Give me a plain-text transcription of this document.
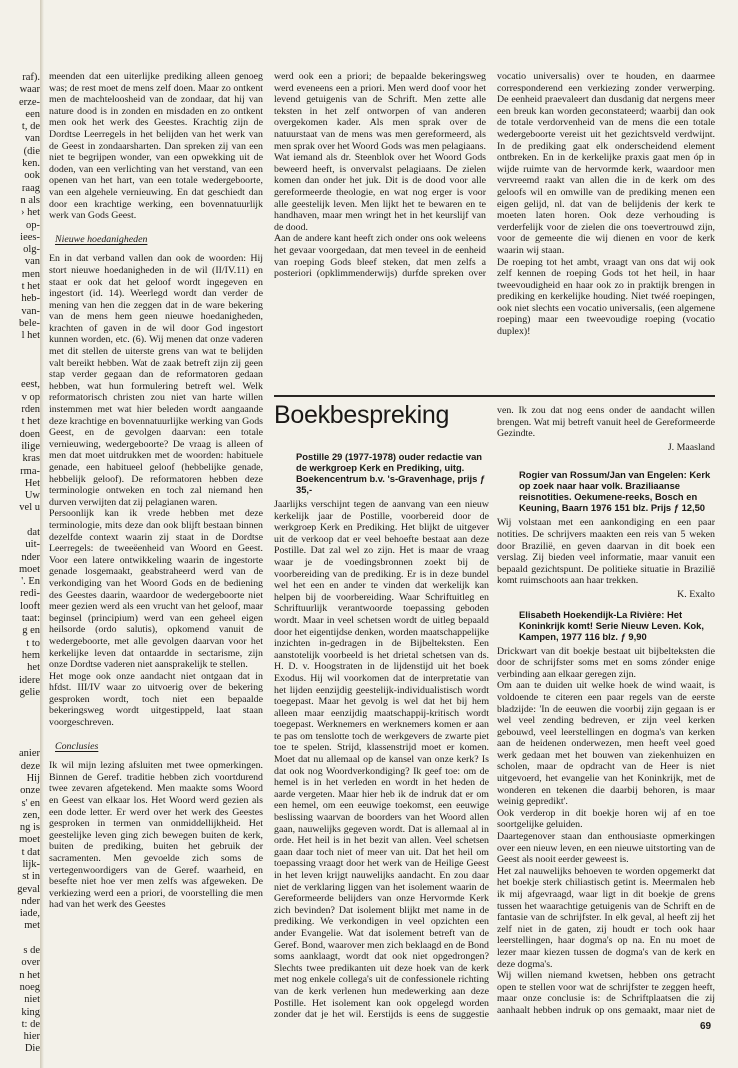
raf).
waar
erze-
een
t, de
van
(die
ken.
ook
raag
n als
› het
op-
iees-
olg-
van
men
t het
heb-
van-
bele-
l het

eest,
v op
rden
t het
doen
ilige
kras
rma-
Het
Uw
vel u

dat
uit-
nder
moet
'. En
redi-
looft
taat:
g en
t to
hem
het
idere
gelie

anier
deze
Hij
onze
s' en
zen,
ng is
moet
t dat
lijk-
st in
geval
nder
iade,
met

s de
over
n het
noeg
niet
king
t: de
hier
Die

meenden dat een uiterlijke prediking alleen genoeg was; de rest moet de mens zelf doen. Maar zo ontkent men de machteloosheid van de zondaar, dat hij van nature dood is in zonden en misdaden en zo ontkent men ook het werk des Geestes. Krachtig zijn de Dordtse Leerregels in het belijden van het werk van de Geest in zondaarsharten. Dan spreken zij van een niet te begrijpen wonder, van een opwekking uit de doden, van een verlichting van het verstand, van een openen van het hart, van een totale wedergeboorte, van een algehele vernieuwing. En dat geschiedt dan door een krachtige werking, een bovennatuurlijk werk van Gods Geest.

Nieuwe hoedanigheden

En in dat verband vallen dan ook de woorden: Hij stort nieuwe hoedanigheden in de wil (II/IV.11) en staat er ook dat het geloof wordt ingegeven en ingestort (id. 14). Weerlegd wordt dan verder de mening van hen die zeggen dat in de ware bekering van de mens hem geen nieuwe hoedanigheden, krachten of gaven in de wil door God ingestort kunnen worden, etc. (6). Wij menen dat onze vaderen met dit stellen de uiterste grens van wat te belijden valt bereikt hebben. Wat de zaak betreft zijn zij geen stap verder gegaan dan de reformatoren gedaan hebben, wat hun formulering betreft wel. Welk reformatorisch christen zou niet van harte willen instemmen met wat hier beleden wordt aangaande deze krachtige en bovennatuurlijke werking van Gods Geest, en de gevolgen daarvan: een totale vernieuwing, wedergeboorte? De vraag is alleen of men dat moet uitdrukken met de woorden: habituele genade, een habitueel geloof (hebbelijke genade, hebbelijk geloof). De reformatoren hebben deze terminologie ontweken en toch zal niemand hen durven verwijten dat zij pelagianen waren.

Persoonlijk kan ik vrede hebben met deze terminologie, mits deze dan ook blijft bestaan binnen dezelfde context waarin zij staat in de Dordtse Leerregels: de tweeëenheid van Woord en Geest. Voor een latere ontwikkeling waarin de ingestorte genade losgemaakt, geabstraheerd werd van de verkondiging van het Woord Gods en de bediening des Geestes daarin, waardoor de wedergeboorte niet meer gezien werd als een vrucht van het geloof, maar beginsel (principium) werd van een geheel eigen heilsorde (ordo salutis), opkomend vanuit de wedergeboorte, met alle gevolgen daarvan voor het kerkelijke leven dat ontaardde in sectarisme, zijn onze Dordtse vaderen niet aansprakelijk te stellen.

Het moge ook onze aandacht niet ontgaan dat in hfdst. III/IV waar zo uitvoerig over de bekering gesproken wordt, toch niet een bepaalde bekeringsweg wordt uitgestippeld, laat staan voorgeschreven.

Conclusies

Ik wil mijn lezing afsluiten met twee opmerkingen. Binnen de Geref. traditie hebben zich voortdurend twee zevaren afgetekend. Men maakte soms Woord en Geest van elkaar los. Het Woord werd gezien als een dode letter. Er werd over het werk des Geestes gesproken in termen van onmiddellijkheid. Het geestelijke leven ging zich bewegen buiten de kerk, buiten de prediking, buiten het gebruik der sacramenten. Men gevoelde zich soms de vertegenwoordigers van de Geref. waarheid, en besefte niet hoe ver men zelfs was afgeweken. De verkiezing werd een a priori, de voorstelling die men had van het werk des Geestes

werd ook een a priori; de bepaalde bekeringsweg werd eveneens een a priori. Men werd doof voor het levend getuigenis van de Schrift. Men zette alle teksten in het zelf ontworpen of van anderen overgekomen kader. Als men sprak over de natuurstaat van de mens was men gereformeerd, als men sprak over het Woord Gods was men pelagiaans. Wat iemand als dr. Steenblok over het Woord Gods beweerd heeft, is onvervalst pelagiaans. De zielen komen dan onder het juk. Dit is de dood voor alle gereformeerde theologie, en wat nog erger is voor alle geestelijk leven. Men lijkt het te bewaren en te handhaven, maar men wringt het in het keurslijf van de dood.

Aan de andere kant heeft zich onder ons ook weleens het gevaar voorgedaan, dat men teveel in de eenheid van roeping Gods bleef steken, dat men zelfs a posteriori (opklimmenderwijs) durfde spreken over

vocatio universalis) over te houden, en daarmee corresponderend een verkiezing zonder verwerping. De eenheid praevaleert dan dusdanig dat nergens meer een breuk kan worden geconstateerd; waarbij dan ook de totale verdorvenheid van de mens die een totale wedergeboorte vereist uit het gezichtsveld verdwijnt. In de prediking gaat elk onderscheidend element ontbreken. En in de kerkelijke praxis gaat men óp in wijde ruimte van de hervormde kerk, waardoor men vervreemd raakt van allen die in de kerk om des geloofs wil en omwille van de prediking menen een eigen gelijd, nl. dat van de belijdenis der kerk te moeten laten horen. Ook deze verhouding is verderfelijk voor de zielen die ons toevertrouwd zijn, voor de gemeente die wij dienen en voor de kerk waarin wij staan.

De roeping tot het ambt, vraagt van ons dat wij ook zelf kennen de roeping Gods tot het heil, in haar tweevoudigheid en haar ook zo in praktijk brengen in prediking en kerkelijke houding. Niet twéé roepingen, ook niet slechts een vocatio universalis, (een algemene roeping) maar een tweevoudige roeping (vocatio duplex)!

Boekbespreking

Postille 29 (1977-1978) ouder redactie van de werkgroep Kerk en Prediking, uitg. Boekencentrum b.v. 's-Gravenhage, prijs ƒ 35,-

Jaarlijks verschijnt tegen de aanvang van een nieuw kerkelijk jaar de Postille, voorbereid door de werkgroep Kerk en Prediking. Het blijkt de uitgever uit de verkoop dat er veel behoefte bestaat aan deze Postille. Dat zal wel zo zijn. Het is maar de vraag waar je de voedingsbronnen zoekt bij de voorbereiding van de prediking. Er is in deze bundel wel het een en ander te vinden dat werkelijk kan helpen bij de voorbereiding. Waar Schriftuitleg en Schriftuurlijk verantwoorde toepassing geboden wordt. Maar in veel schetsen wordt de uitleg bepaald door het eigentijdse denken, worden maatschappelijke inzichten in-gedragen in de Bijbelteksten. Een aanstotelijk voorbeeld is het drietal schetsen van ds. H. D. v. Hoogstraten in de lijdenstijd uit het boek Exodus. Hij wil voorkomen dat de interpretatie van het lijden eenzijdig geestelijk-individualistisch wordt toegepast. Maar het gevolg is wel dat het bij hem alleen maar eenzijdig maatschappij-kritisch wordt toegepast. Werknemers en werknemers komen er aan te pas om tenslotte toch de werkgevers de zwarte piet toe te spelen. Strijd, klassenstrijd moet er komen. Moet dat nu allemaal op de kansel van onze kerk? Is dat ook nog Woordverkondiging? Ik geef toe: om de hemel is in het verleden en wordt in het heden de aarde vergeten. Maar hier heb ik de indruk dat er om een hemel, om een eeuwige toekomst, een eeuwige beslissing waarvan de boorders van het Woord allen gaan, nauwelijks gegeven wordt. Dat is allemaal al in orde. Het heil is in het bezit van allen. Veel schetsen gaan daar toch niet of meer van uit. Dat het heil om toepassing vraagt door het werk van de Heilige Geest in het leven krijgt nauwelijks aandacht. En zou daar niet de verklaring liggen van het isolement waarin de Gereformeerde belijders van onze Hervormde Kerk zich bevinden? Dat isolement blijkt met name in de prediking. We verkondigen in veel opzichten een ander Evangelie. Wat dat isolement betreft van de Geref. Bond, waarover men zich beklaagd en de Bond soms aanklaagt, wordt dat ook niet opgedrongen? Slechts twee predikanten uit deze hoek van de kerk met nog enkele collega's uit de confessionele richting van de kerk verlenen hun medewerking aan deze Postille. Het isolement kan ook opgelegd worden zonder dat je het wil. Eerstijds is eens de suggestie

ven. Ik zou dat nog eens onder de aandacht willen brengen. Wat mij betreft vanuit heel de Gereformeerde Gezindte.

J. Maasland

Rogier van Rossum/Jan van Engelen: Kerk op zoek naar haar volk. Braziliaanse reisnotities. Oekumene-reeks, Bosch en Keuning, Baarn 1976 151 blz. Prijs ƒ 12,50

Wij volstaan met een aankondiging en een paar notities. De schrijvers maakten een reis van 5 weken door Brazilië, en geven daarvan in dit boek een verslag. Zij bieden veel informatie, maar vanuit een bepaald gezichtspunt. De politieke situatie in Brazilië komt ruimschoots aan haar trekken.

K. Exalto

Elisabeth Hoekendijk-La Rivière: Het Koninkrijk komt! Serie Nieuw Leven. Kok, Kampen, 1977 116 blz. ƒ 9,90

Drickwart van dit boekje bestaat uit bijbelteksten die door de schrijfster soms met en soms zónder enige verbinding aan elkaar geregen zijn.

Om aan te duiden uit welke hoek de wind waait, is voldoende te citeren een paar regels van de eerste bladzijde: 'In de eeuwen die voorbij zijn gegaan is er wel veel zending bedreven, er zijn veel kerken gebouwd, veel leerstellingen en dogma's van kerken aan de heidenen onderwezen, men heeft veel goed werk gedaan met het bouwen van ziekenhuizen en scholen, maar de opdracht van de Heer is niet uitgevoerd, het evangelie van het Koninkrijk, met de wonderen en tekenen die daarbij behoren, is maar weinig gepredikt'.

Ook verderop in dit boekje horen wij af en toe soortgelijke geluiden.

Daartegenover staan dan enthousiaste opmerkingen over een nieuw leven, en een nieuwe uitstorting van de Geest als nooit eerder geweest is.

Het zal nauwelijks behoeven te worden opgemerkt dat het boekje sterk chiliastisch getint is. Meermalen heb ik mij afgevraagd, waar ligt in dit boekje de grens tussen het waarachtige getuigenis van de Schrift en de fantasie van de schrijfster. In elk geval, al heeft zij het zelf niet in de gaten, zij houdt er toch ook haar leerstellingen, haar dogma's op na. En nu moet de lezer maar kiezen tussen de dogma's van de kerk en deze dogma's.

Wij willen niemand kwetsen, hebben ons getracht open te stellen voor wat de schrijfster te zeggen heeft, maar onze conclusie is: de Schriftplaatsen die zij aanhaalt hebben indruk op ons gemaakt, maar niet de

69
